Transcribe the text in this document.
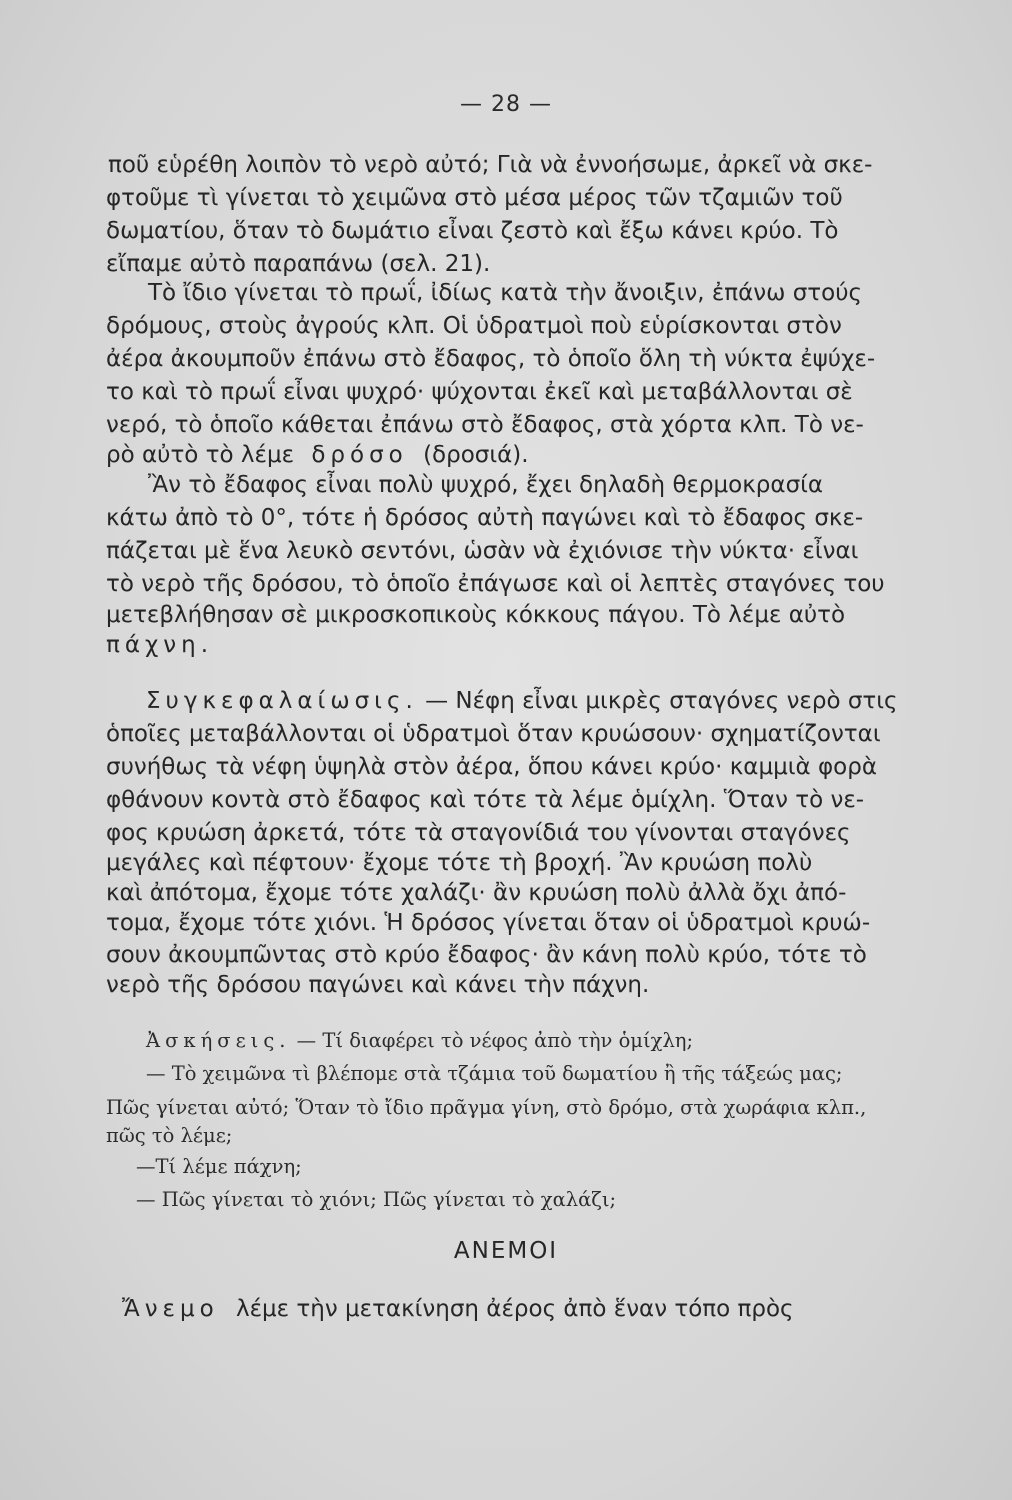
— 28 —
ποῦ εὑρέθη λοιπὸν τὸ νερὸ αὐτό; Γιὰ νὰ ἐννοήσωμε, ἀρκεῖ νὰ σκε-
φτοῦμε τὶ γίνεται τὸ χειμῶνα στὸ μέσα μέρος τῶν τζαμιῶν τοῦ
δωματίου, ὅταν τὸ δωμάτιο εἶναι ζεστὸ καὶ ἔξω κάνει κρύο. Τὸ
εἴπαμε αὐτὸ παραπάνω (σελ. 21).
Τὸ ἴδιο γίνεται τὸ πρωΐ, ἰδίως κατὰ τὴν ἄνοιξιν, ἐπάνω στούς
δρόμους, στοὺς ἀγρούς κλπ. Οἱ ὑδρατμοὶ ποὺ εὑρίσκονται στὸν
ἀέρα ἀκουμποῦν ἐπάνω στὸ ἔδαφος, τὸ ὁποῖο ὅλη τὴ νύκτα ἐψύχε-
το καὶ τὸ πρωΐ εἶναι ψυχρό· ψύχονται ἐκεῖ καὶ μεταβάλλονται σὲ
νερό, τὸ ὁποῖο κάθεται ἐπάνω στὸ ἔδαφος, στὰ χόρτα κλπ. Τὸ νε-
ρὸ αὐτὸ τὸ λέμε δρόσο (δροσιά).
Ἂν τὸ ἔδαφος εἶναι πολὺ ψυχρό, ἔχει δηλαδὴ θερμοκρασία
κάτω ἀπὸ τὸ 0°, τότε ἡ δρόσος αὐτὴ παγώνει καὶ τὸ ἔδαφος σκε-
πάζεται μὲ ἕνα λευκὸ σεντόνι, ὡσὰν νὰ ἐχιόνισε τὴν νύκτα· εἶναι
τὸ νερὸ τῆς δρόσου, τὸ ὁποῖο ἐπάγωσε καὶ οἱ λεπτὲς σταγόνες του
μετεβλήθησαν σὲ μικροσκοπικοὺς κόκκους πάγου. Τὸ λέμε αὐτὸ
πάχνη.
Συγκεφαλαίωσις. — Νέφη εἶναι μικρὲς σταγόνες νερὸ στις
ὁποῖες μεταβάλλονται οἱ ὑδρατμοὶ ὅταν κρυώσουν· σχηματίζονται
συνήθως τὰ νέφη ὑψηλὰ στὸν ἀέρα, ὅπου κάνει κρύο· καμμιὰ φορὰ
φθάνουν κοντὰ στὸ ἔδαφος καὶ τότε τὰ λέμε ὁμίχλη. Ὅταν τὸ νε-
φος κρυώση ἀρκετά, τότε τὰ σταγονίδιά του γίνονται σταγόνες
μεγάλες καὶ πέφτουν· ἔχομε τότε τὴ βροχή. Ἂν κρυώση πολὺ
καὶ ἀπότομα, ἔχομε τότε χαλάζι· ἂν κρυώση πολὺ ἀλλὰ ὄχι ἀπό-
τομα, ἔχομε τότε χιόνι. Ἡ δρόσος γίνεται ὅταν οἱ ὑδρατμοὶ κρυώ-
σουν ἀκουμπῶντας στὸ κρύο ἔδαφος· ἂν κάνη πολὺ κρύο, τότε τὸ
νερὸ τῆς δρόσου παγώνει καὶ κάνει τὴν πάχνη.
Ἀσκήσεις. — Τί διαφέρει τὸ νέφος ἀπὸ τὴν ὁμίχλη;
— Τὸ χειμῶνα τὶ βλέπομε στὰ τζάμια τοῦ δωματίου ἢ τῆς τάξεώς μας;
Πῶς γίνεται αὐτό; Ὅταν τὸ ἴδιο πρᾶγμα γίνη, στὸ δρόμο, στὰ χωράφια κλπ.,
πῶς τὸ λέμε;
—Τί λέμε πάχνη;
— Πῶς γίνεται τὸ χιόνι; Πῶς γίνεται τὸ χαλάζι;
ΑΝΕΜΟΙ
Ἄνεμο λέμε τὴν μετακίνηση ἀέρος ἀπὸ ἕναν τόπο πρὸς
